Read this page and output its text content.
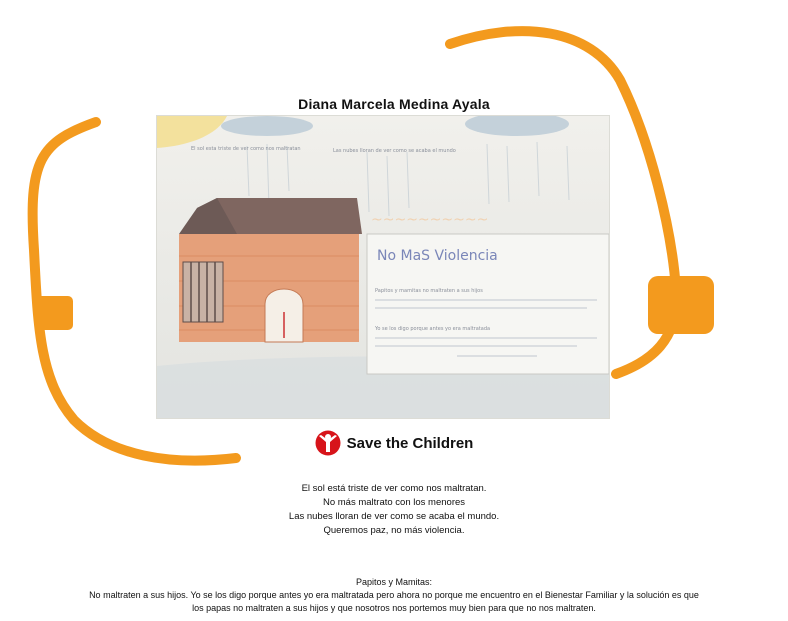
Diana Marcela Medina Ayala
El sol esta triste de ver como nos maltratan	Las nubes lloran de ver como se acaba el mundo
~~~~~~~~~~
No MaS Violencia
Papitos y mamitas no maltraten a sus hijos
Yo se los digo porque antes yo era maltratada
Save the Children
El sol está triste de ver como nos maltratan.
No más maltrato con los menores
Las nubes lloran de ver como se acaba el mundo.
Queremos paz, no más violencia.
Papitos y Mamitas:
No maltraten a sus hijos. Yo se los digo porque antes yo era maltratada pero ahora no porque me encuentro en el Bienestar Familiar y la solución es que
los papas no maltraten a sus hijos y que nosotros nos portemos muy bien para que no nos maltraten.
